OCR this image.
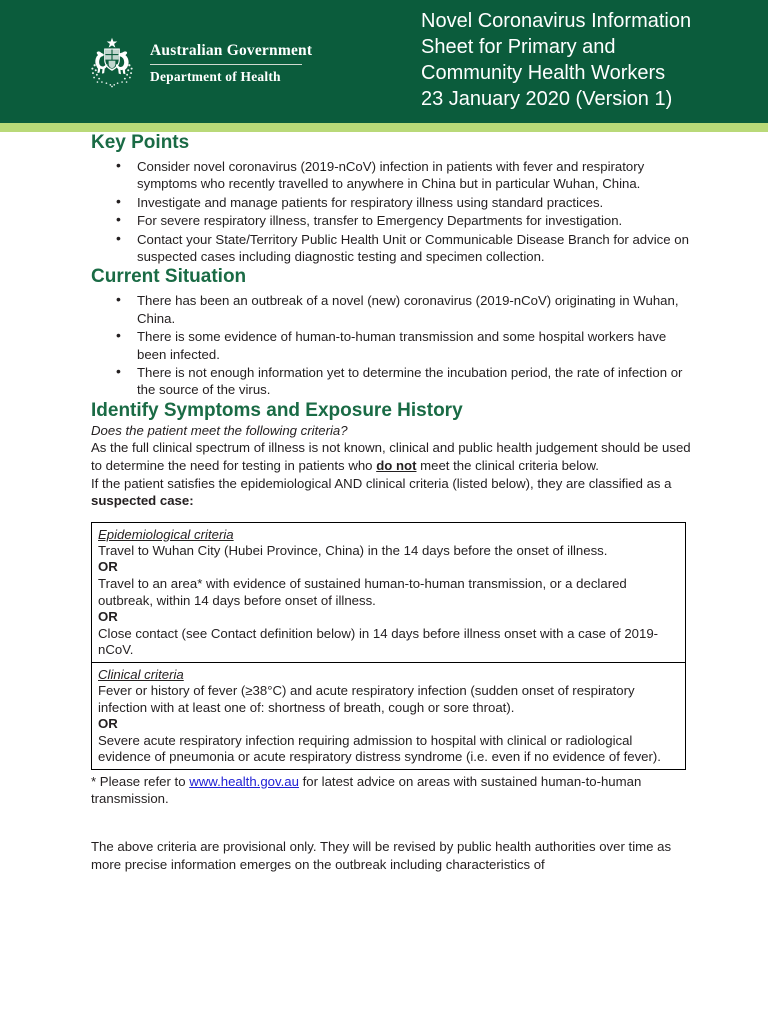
Australian Government
Department of Health
Novel Coronavirus Information
Sheet for Primary and
Community Health Workers
23 January 2020 (Version 1)
Key Points
• Consider novel coronavirus (2019-nCoV) infection in patients with fever and respiratory symptoms who recently travelled to anywhere in China but in particular Wuhan, China.
• Investigate and manage patients for respiratory illness using standard practices.
• For severe respiratory illness, transfer to Emergency Departments for investigation.
• Contact your State/Territory Public Health Unit or Communicable Disease Branch for advice on suspected cases including diagnostic testing and specimen collection.
Current Situation
• There has been an outbreak of a novel (new) coronavirus (2019-nCoV) originating in Wuhan, China.
• There is some evidence of human-to-human transmission and some hospital workers have been infected.
• There is not enough information yet to determine the incubation period, the rate of infection or the source of the virus.
Identify Symptoms and Exposure History

Does the patient meet the following criteria?

As the full clinical spectrum of illness is not known, clinical and public health judgement should be used to determine the need for testing in patients who do not meet the clinical criteria below.

If the patient satisfies the epidemiological AND clinical criteria (listed below), they are classified as a suspected case:

Epidemiological criteria
Travel to Wuhan City (Hubei Province, China) in the 14 days before the onset of illness.
OR
Travel to an area* with evidence of sustained human-to-human transmission, or a declared outbreak, within 14 days before onset of illness.
OR
Close contact (see Contact definition below) in 14 days before illness onset with a case of 2019-nCoV.
Clinical criteria
Fever or history of fever (≥38°C) and acute respiratory infection (sudden onset of respiratory infection with at least one of: shortness of breath, cough or sore throat).
OR
Severe acute respiratory infection requiring admission to hospital with clinical or radiological evidence of pneumonia or acute respiratory distress syndrome (i.e. even if no evidence of fever).

* Please refer to www.health.gov.au for latest advice on areas with sustained human-to-human transmission.

The above criteria are provisional only. They will be revised by public health authorities over time as more precise information emerges on the outbreak including characteristics of
